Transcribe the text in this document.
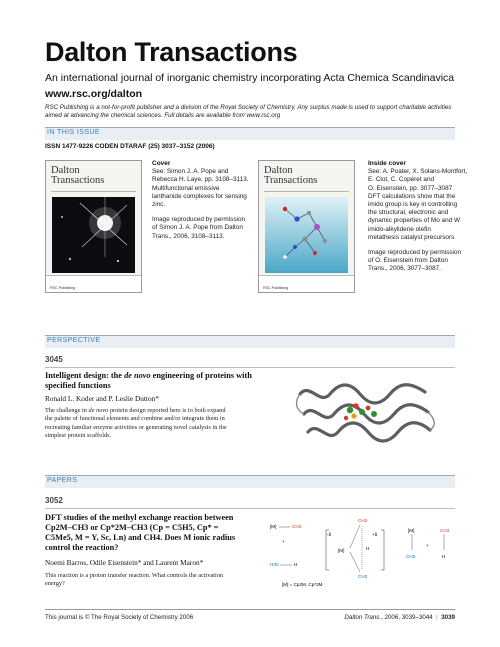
Dalton Transactions
An international journal of inorganic chemistry incorporating Acta Chemica Scandinavica
www.rsc.org/dalton
RSC Publishing is a not-for-profit publisher and a division of the Royal Society of Chemistry. Any surplus made is used to support charitable activities aimed at advancing the chemical sciences. Full details are available from www.rsc.org
IN THIS ISSUE
ISSN 1477-9226 CODEN DTARAF (25) 3037–3152 (2006)
Dalton
Transactions
RSC Publishing
Cover
See: Simon J. A. Pope and
Rebecca H. Laye, pp. 3108–3113.
Multifunctional emissive
lanthanide complexes for sensing
zinc.
Image reproduced by permission
of Simon J. A. Pope from Dalton
Trans., 2006, 3108–3113.
Dalton
Transactions
RSC Publishing
Inside cover
See: A. Poater, X. Solans-Montfort,
E. Clot, C. Copéret and
O. Eisenstein, pp. 3077–3087
DFT calculations show that the
imido group is key in controlling
the structural, electronic and
dynamic properties of Mo and W
imido-alkylidene olefin
metathesis catalyst precursors
Image reproduced by permission
of O. Eisenstein from Dalton
Trans., 2006, 3077–3087.
PERSPECTIVE
3045
Intelligent design: the de novo engineering of proteins with
specified functions
Ronald L. Koder and P. Leslie Dutton*
The challenge in de novo protein design reported here is to both expand
the palette of functional elements and combine and/or integrate them in
recreating familiar enzyme activities or generating novel catalysis in the
simplest protein scaffolds.
PAPERS
3052
DFT studies of the methyl exchange reaction between
Cp2M–CH3 or Cp*2M–CH3 (Cp = C5H5, Cp* =
C5Me5, M = Y, Sc, Ln) and CH4. Does M ionic radius
control the reaction?
Noemi Barros, Odile Eisenstein* and Laurent Maron*
This reaction is a proton transfer reaction. What controls the activation
energy?
[M]	CH3
+
H3C	H
−δ
[M]
CH3
CH3
H
+δ
[M]
CH3
+
CH3
H
[M] = Cp2M, Cp*2M
This journal is © The Royal Society of Chemistry 2006	Dalton Trans., 2006, 3039–3044  |  3039
